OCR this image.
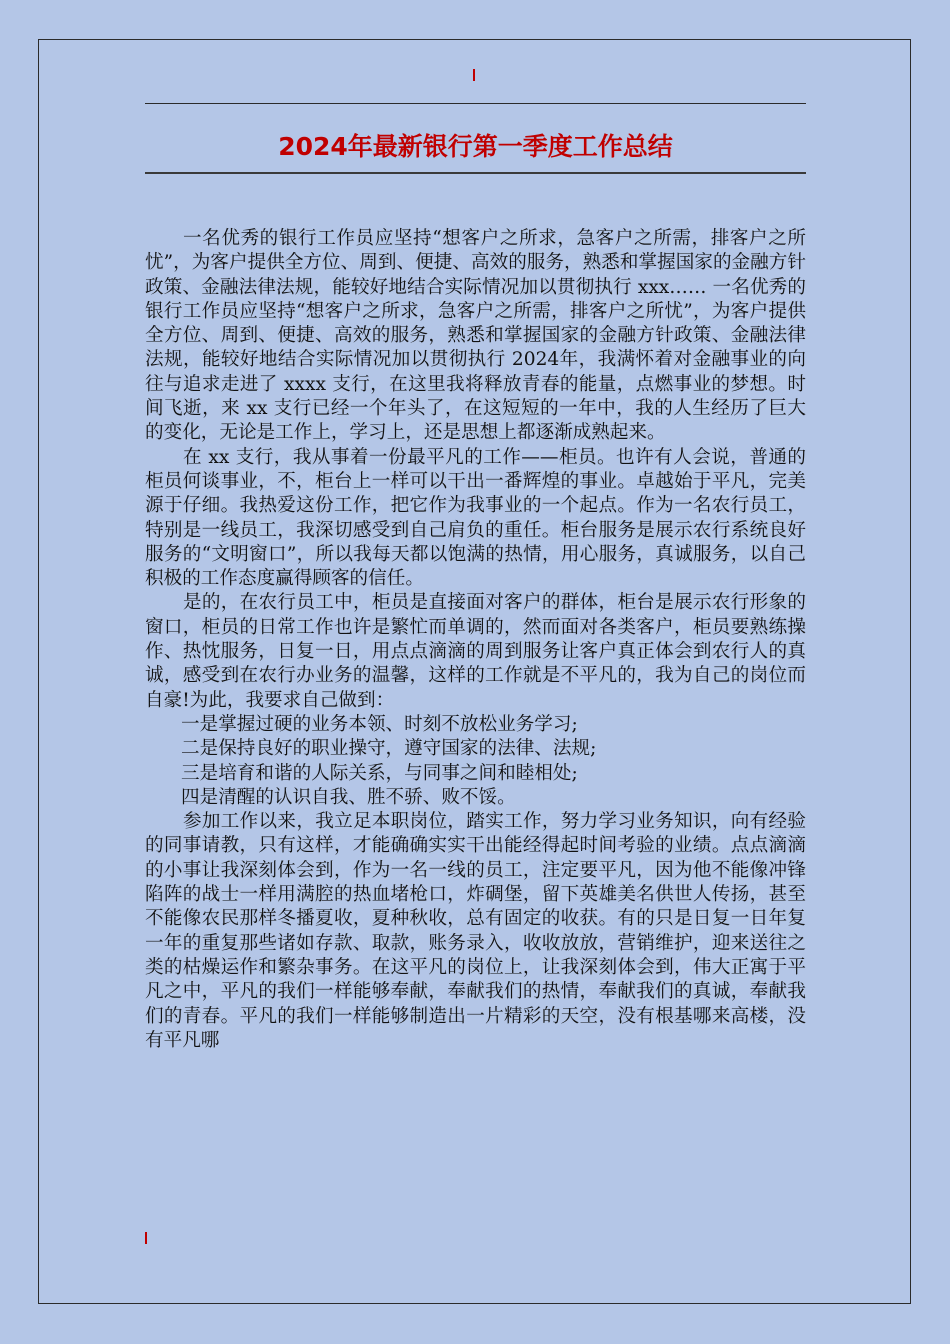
2024年最新银行第一季度工作总结

一名优秀的银行工作员应坚持“想客户之所求，急客户之所需，排客户之所忧”，为客户提供全方位、周到、便捷、高效的服务，熟悉和掌握国家的金融方针政策、金融法律法规，能较好地结合实际情况加以贯彻执行 xxx…… 一名优秀的银行工作员应坚持“想客户之所求，急客户之所需，排客户之所忧”，为客户提供全方位、周到、便捷、高效的服务，熟悉和掌握国家的金融方针政策、金融法律法规，能较好地结合实际情况加以贯彻执行 2024年，我满怀着对金融事业的向往与追求走进了 xxxx 支行，在这里我将释放青春的能量，点燃事业的梦想。时间飞逝，来 xx 支行已经一个年头了，在这短短的一年中，我的人生经历了巨大的变化，无论是工作上，学习上，还是思想上都逐渐成熟起来。

在 xx 支行，我从事着一份最平凡的工作——柜员。也许有人会说，普通的柜员何谈事业，不，柜台上一样可以干出一番辉煌的事业。卓越始于平凡，完美源于仔细。我热爱这份工作，把它作为我事业的一个起点。作为一名农行员工，特别是一线员工，我深切感受到自己肩负的重任。柜台服务是展示农行系统良好服务的“文明窗口”，所以我每天都以饱满的热情，用心服务，真诚服务，以自己积极的工作态度赢得顾客的信任。

是的，在农行员工中，柜员是直接面对客户的群体，柜台是展示农行形象的窗口，柜员的日常工作也许是繁忙而单调的，然而面对各类客户，柜员要熟练操作、热忱服务，日复一日，用点点滴滴的周到服务让客户真正体会到农行人的真诚，感受到在农行办业务的温馨，这样的工作就是不平凡的，我为自己的岗位而自豪!为此，我要求自己做到：

一是掌握过硬的业务本领、时刻不放松业务学习;

二是保持良好的职业操守，遵守国家的法律、法规;

三是培育和谐的人际关系，与同事之间和睦相处;

四是清醒的认识自我、胜不骄、败不馁。

参加工作以来，我立足本职岗位，踏实工作，努力学习业务知识，向有经验的同事请教，只有这样，才能确确实实干出能经得起时间考验的业绩。点点滴滴的小事让我深刻体会到，作为一名一线的员工，注定要平凡，因为他不能像冲锋陷阵的战士一样用满腔的热血堵枪口，炸碉堡，留下英雄美名供世人传扬，甚至不能像农民那样冬播夏收，夏种秋收，总有固定的收获。有的只是日复一日年复一年的重复那些诸如存款、取款，账务录入，收收放放，营销维护，迎来送往之类的枯燥运作和繁杂事务。在这平凡的岗位上，让我深刻体会到，伟大正寓于平凡之中，平凡的我们一样能够奉献，奉献我们的热情，奉献我们的真诚，奉献我们的青春。平凡的我们一样能够制造出一片精彩的天空，没有根基哪来高楼，没有平凡哪
